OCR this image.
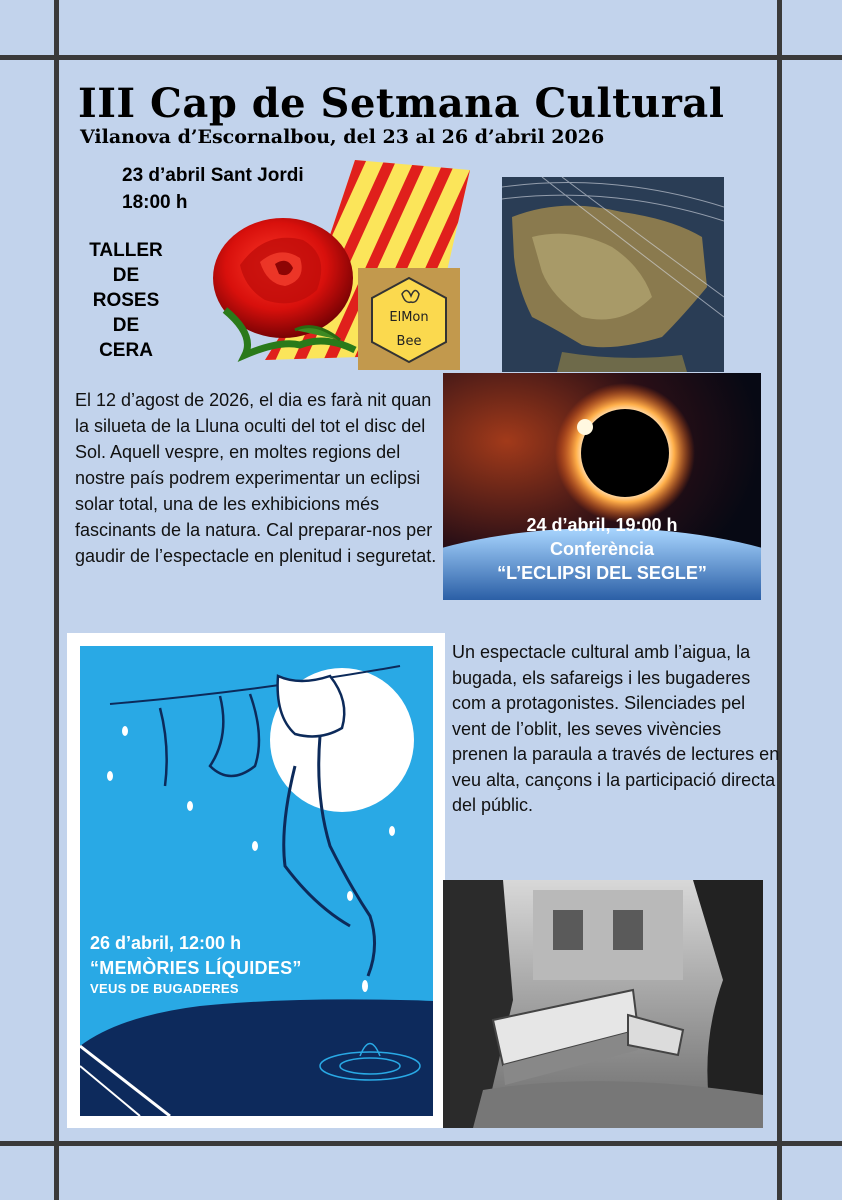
III Cap de Setmana Cultural
Vilanova d’Escornalbou, del 23 al 26 d’abril 2026
23 d’abril Sant Jordi
18:00 h
TALLER
DE
ROSES
DE
CERA
ElMon
Bee
El 12 d’agost de 2026, el dia es farà nit quan la silueta de la Lluna oculti del tot el disc del Sol. Aquell vespre, en moltes regions del nostre país podrem experimentar un eclipsi solar total, una de les exhibicions més fascinants de la natura. Cal preparar-nos per gaudir de l’espectacle en plenitud i seguretat.
24 d’abril, 19:00 h
Conferència
“L’ECLIPSI DEL SEGLE”
26 d’abril, 12:00 h
“MEMÒRIES LÍQUIDES”
VEUS DE BUGADERES
Un espectacle cultural amb l’aigua, la bugada, els safareigs i les bugaderes com a protagonistes. Silenciades pel vent de l’oblit, les seves vivències prenen la paraula a través de lectures en veu alta, cançons i la participació directa del públic.
